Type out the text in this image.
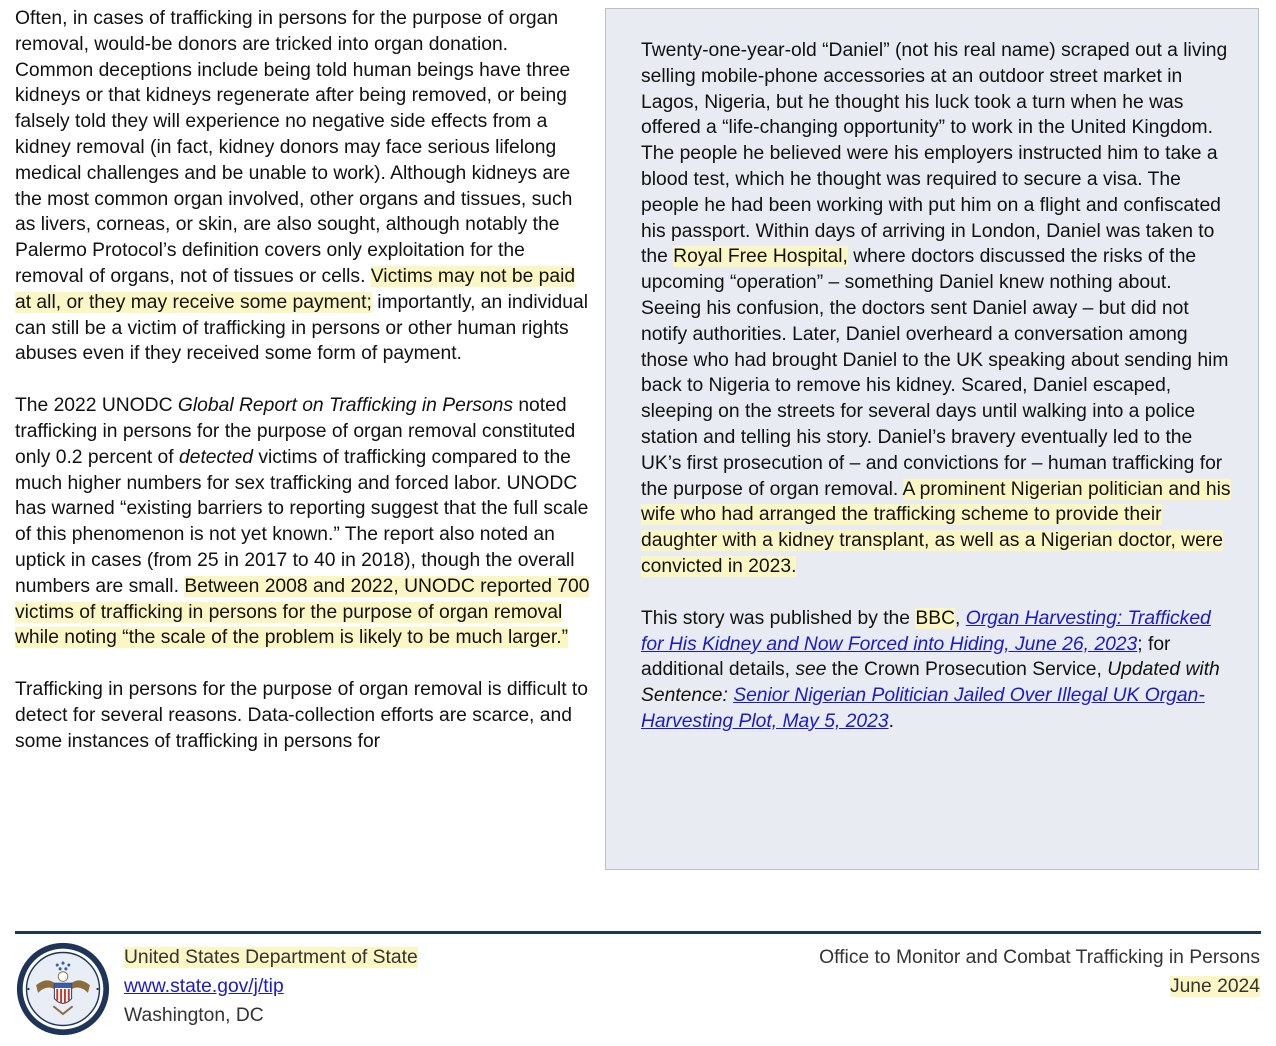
Often, in cases of trafficking in persons for the purpose of organ removal, would-be donors are tricked into organ donation. Common deceptions include being told human beings have three kidneys or that kidneys regenerate after being removed, or being falsely told they will experience no negative side effects from a kidney removal (in fact, kidney donors may face serious lifelong medical challenges and be unable to work). Although kidneys are the most common organ involved, other organs and tissues, such as livers, corneas, or skin, are also sought, although notably the Palermo Protocol’s definition covers only exploitation for the removal of organs, not of tissues or cells. Victims may not be paid at all, or they may receive some payment; importantly, an individual can still be a victim of trafficking in persons or other human rights abuses even if they received some form of payment.

The 2022 UNODC Global Report on Trafficking in Persons noted trafficking in persons for the purpose of organ removal constituted only 0.2 percent of detected victims of trafficking compared to the much higher numbers for sex trafficking and forced labor. UNODC has warned “existing barriers to reporting suggest that the full scale of this phenomenon is not yet known.” The report also noted an uptick in cases (from 25 in 2017 to 40 in 2018), though the overall numbers are small. Between 2008 and 2022, UNODC reported 700 victims of trafficking in persons for the purpose of organ removal while noting “the scale of the problem is likely to be much larger.”

Trafficking in persons for the purpose of organ removal is difficult to detect for several reasons. Data-collection efforts are scarce, and some instances of trafficking in persons for

Twenty-one-year-old “Daniel” (not his real name) scraped out a living selling mobile-phone accessories at an outdoor street market in Lagos, Nigeria, but he thought his luck took a turn when he was offered a “life-changing opportunity” to work in the United Kingdom. The people he believed were his employers instructed him to take a blood test, which he thought was required to secure a visa. The people he had been working with put him on a flight and confiscated his passport. Within days of arriving in London, Daniel was taken to the Royal Free Hospital, where doctors discussed the risks of the upcoming “operation” – something Daniel knew nothing about. Seeing his confusion, the doctors sent Daniel away – but did not notify authorities. Later, Daniel overheard a conversation among those who had brought Daniel to the UK speaking about sending him back to Nigeria to remove his kidney. Scared, Daniel escaped, sleeping on the streets for several days until walking into a police station and telling his story. Daniel’s bravery eventually led to the UK’s first prosecution of – and convictions for – human trafficking for the purpose of organ removal. A prominent Nigerian politician and his wife who had arranged the trafficking scheme to provide their daughter with a kidney transplant, as well as a Nigerian doctor, were convicted in 2023.

This story was published by the BBC, Organ Harvesting: Trafficked for His Kidney and Now Forced into Hiding, June 26, 2023; for additional details, see the Crown Prosecution Service, Updated with Sentence: Senior Nigerian Politician Jailed Over Illegal UK Organ-Harvesting Plot, May 5, 2023.

United States Department of State
www.state.gov/j/tip
Washington, DC
Office to Monitor and Combat Trafficking in Persons
June 2024
